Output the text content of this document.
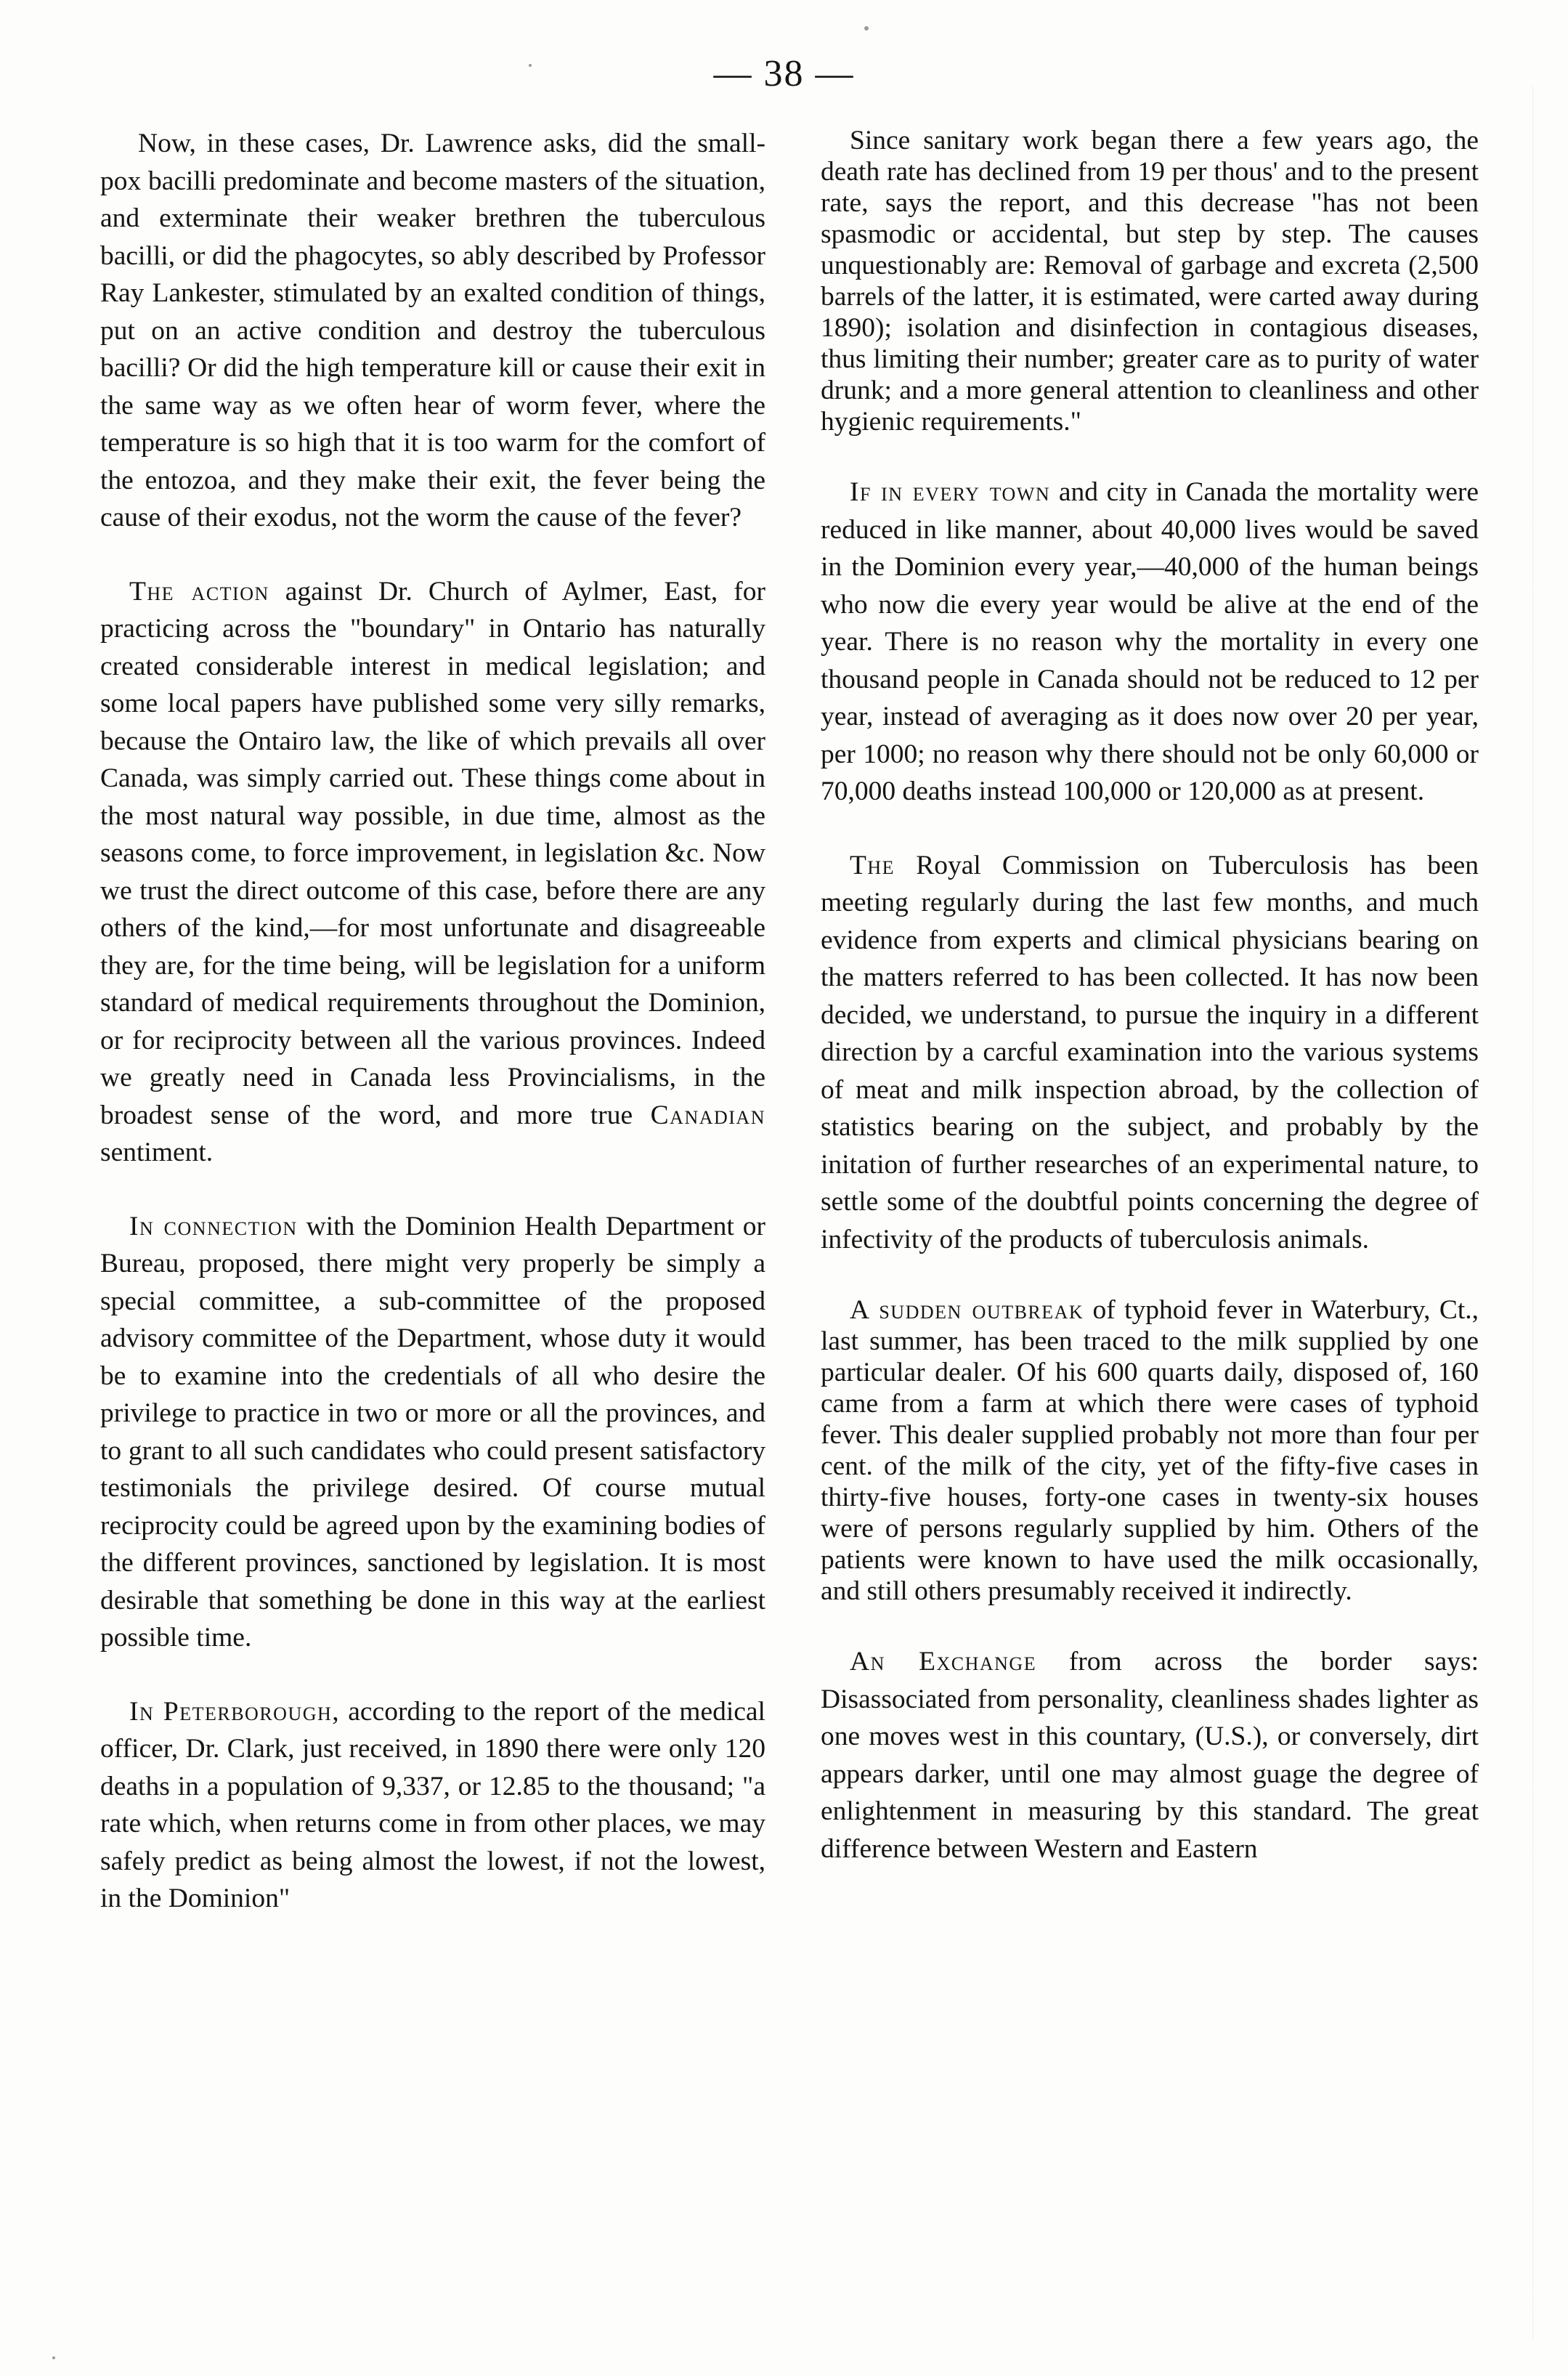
— 38 —

Now, in these cases, Dr. Lawrence asks, did the small-pox bacilli predominate and become masters of the situation, and exterminate their weaker brethren the tuberculous bacilli, or did the phagocytes, so ably described by Professor Ray Lankester, stimulated by an exalted condition of things, put on an active condition and destroy the tuberculous bacilli? Or did the high temperature kill or cause their exit in the same way as we often hear of worm fever, where the temperature is so high that it is too warm for the comfort of the entozoa, and they make their exit, the fever being the cause of their exodus, not the worm the cause of the fever?

The action against Dr. Church of Aylmer, East, for practicing across the "boundary" in Ontario has naturally created considerable interest in medical legislation; and some local papers have published some very silly remarks, because the Ontairo law, the like of which prevails all over Canada, was simply carried out. These things come about in the most natural way possible, in due time, almost as the seasons come, to force improvement, in legislation &c. Now we trust the direct outcome of this case, before there are any others of the kind,—for most unfortunate and disagreeable they are, for the time being, will be legislation for a uniform standard of medical requirements throughout the Dominion, or for reciprocity between all the various provinces. Indeed we greatly need in Canada less Provincialisms, in the broadest sense of the word, and more true Canadian sentiment.

In connection with the Dominion Health Department or Bureau, proposed, there might very properly be simply a special committee, a sub-committee of the proposed advisory committee of the Department, whose duty it would be to examine into the credentials of all who desire the privilege to practice in two or more or all the provinces, and to grant to all such candidates who could present satisfactory testimonials the privilege desired. Of course mutual reciprocity could be agreed upon by the examining bodies of the different provinces, sanctioned by legislation. It is most desirable that something be done in this way at the earliest possible time.

In Peterborough, according to the report of the medical officer, Dr. Clark, just received, in 1890 there were only 120 deaths in a population of 9,337, or 12.85 to the thousand; "a rate which, when returns come in from other places, we may safely predict as being almost the lowest, if not the lowest, in the Dominion"

Since sanitary work began there a few years ago, the death rate has declined from 19 per thous' and to the present rate, says the report, and this decrease "has not been spasmodic or accidental, but step by step. The causes unquestionably are: Removal of garbage and excreta (2,500 barrels of the latter, it is estimated, were carted away during 1890); isolation and disinfection in contagious diseases, thus limiting their number; greater care as to purity of water drunk; and a more general attention to cleanliness and other hygienic requirements."

If in every town and city in Canada the mortality were reduced in like manner, about 40,000 lives would be saved in the Dominion every year,—40,000 of the human beings who now die every year would be alive at the end of the year. There is no reason why the mortality in every one thousand people in Canada should not be reduced to 12 per year, instead of averaging as it does now over 20 per year, per 1000; no reason why there should not be only 60,000 or 70,000 deaths instead 100,000 or 120,000 as at present.

The Royal Commission on Tuberculosis has been meeting regularly during the last few months, and much evidence from experts and climical physicians bearing on the matters referred to has been collected. It has now been decided, we understand, to pursue the inquiry in a different direction by a carcful examination into the various systems of meat and milk inspection abroad, by the collection of statistics bearing on the subject, and probably by the initation of further researches of an experimental nature, to settle some of the doubtful points concerning the degree of infectivity of the products of tuberculosis animals.

A sudden outbreak of typhoid fever in Waterbury, Ct., last summer, has been traced to the milk supplied by one particular dealer. Of his 600 quarts daily, disposed of, 160 came from a farm at which there were cases of typhoid fever. This dealer supplied probably not more than four per cent. of the milk of the city, yet of the fifty-five cases in thirty-five houses, forty-one cases in twenty-six houses were of persons regularly supplied by him. Others of the patients were known to have used the milk occasionally, and still others presumably received it indirectly.

An Exchange from across the border says: Disassociated from personality, cleanliness shades lighter as one moves west in this countary, (U.S.), or conversely, dirt appears darker, until one may almost guage the degree of enlightenment in measuring by this standard. The great difference between Western and Eastern
